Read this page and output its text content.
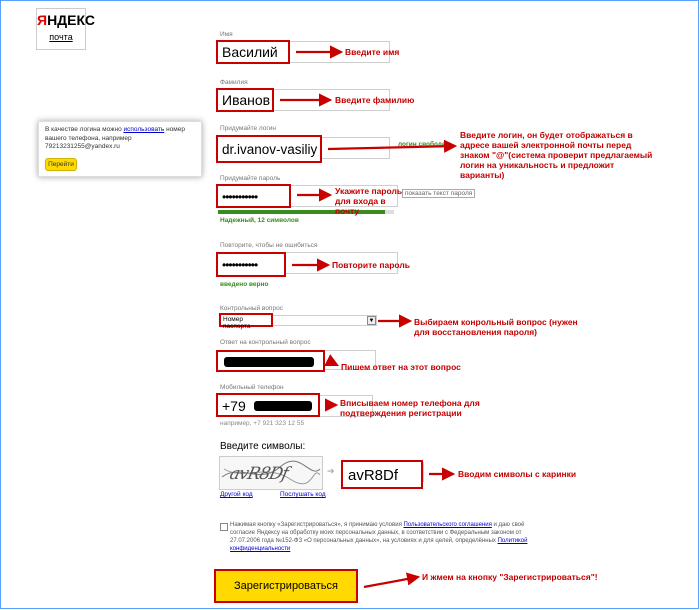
ЯНДЕКС
почта
В качестве логина можно использовать номер вашего телефона, например
79213231255@yandex.ru
Перейти
Имя
Василий
Фамилия
Иванов
Придумайте логин
dr.ivanov-vasiliy	логин свободен
Придумайте пароль
•••••••••••	показать текст пароля
Надежный, 12 символов
Повторите, чтобы не ошибиться
•••••••••••
введено верно
Контрольный вопрос
Номер паспорта
▼
Ответ на контрольный вопрос
Мобильный телефон
+79
например, +7 921 323 12 55
Введите символы:
avR8Df	➔
Другой код	Послушать код
avR8Df
Нажимая кнопку «Зарегистрироваться», я принимаю условия Пользовательского соглашения и даю своё согласие Яндексу на обработку моих персональных данных, в соответствии с Федеральным законом от 27.07.2006 года №152-ФЗ «О персональных данных», на условиях и для целей, определённых Политикой конфиденциальности
Зарегистрироваться
Введите имя
Введите фамилию
Введите логин, он будет отображаться в адресе вашей электронной почты перед знаком "@"(система проверит предлагаемый логин на уникальность и предложит варианты)
Укажите пароль для входа в почту
Повторите пароль
Выбираем конрольный вопрос (нужен для восстановления пароля)
Пишем ответ на этот вопрос
Вписываем номер телефона для подтверждения регистрации
Вводим символы с каринки
И жмем на кнопку "Зарегистрироваться"!
